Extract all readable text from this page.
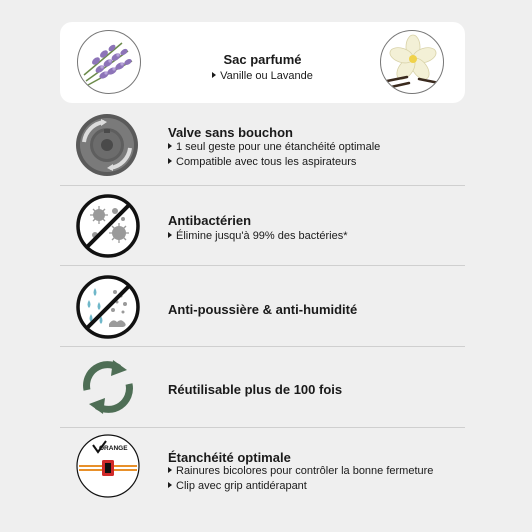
Sac parfumé
Vanille ou Lavande
Valve sans bouchon
1 seul geste pour une étanchéité optimale
Compatible avec tous les aspirateurs
Antibactérien
Élimine jusqu'à 99% des bactéries*
Anti-poussière & anti-humidité
Réutilisable plus de 100 fois
ORANGE
Étanchéité optimale
Rainures bicolores pour contrôler la bonne fermeture
Clip avec grip antidérapant
